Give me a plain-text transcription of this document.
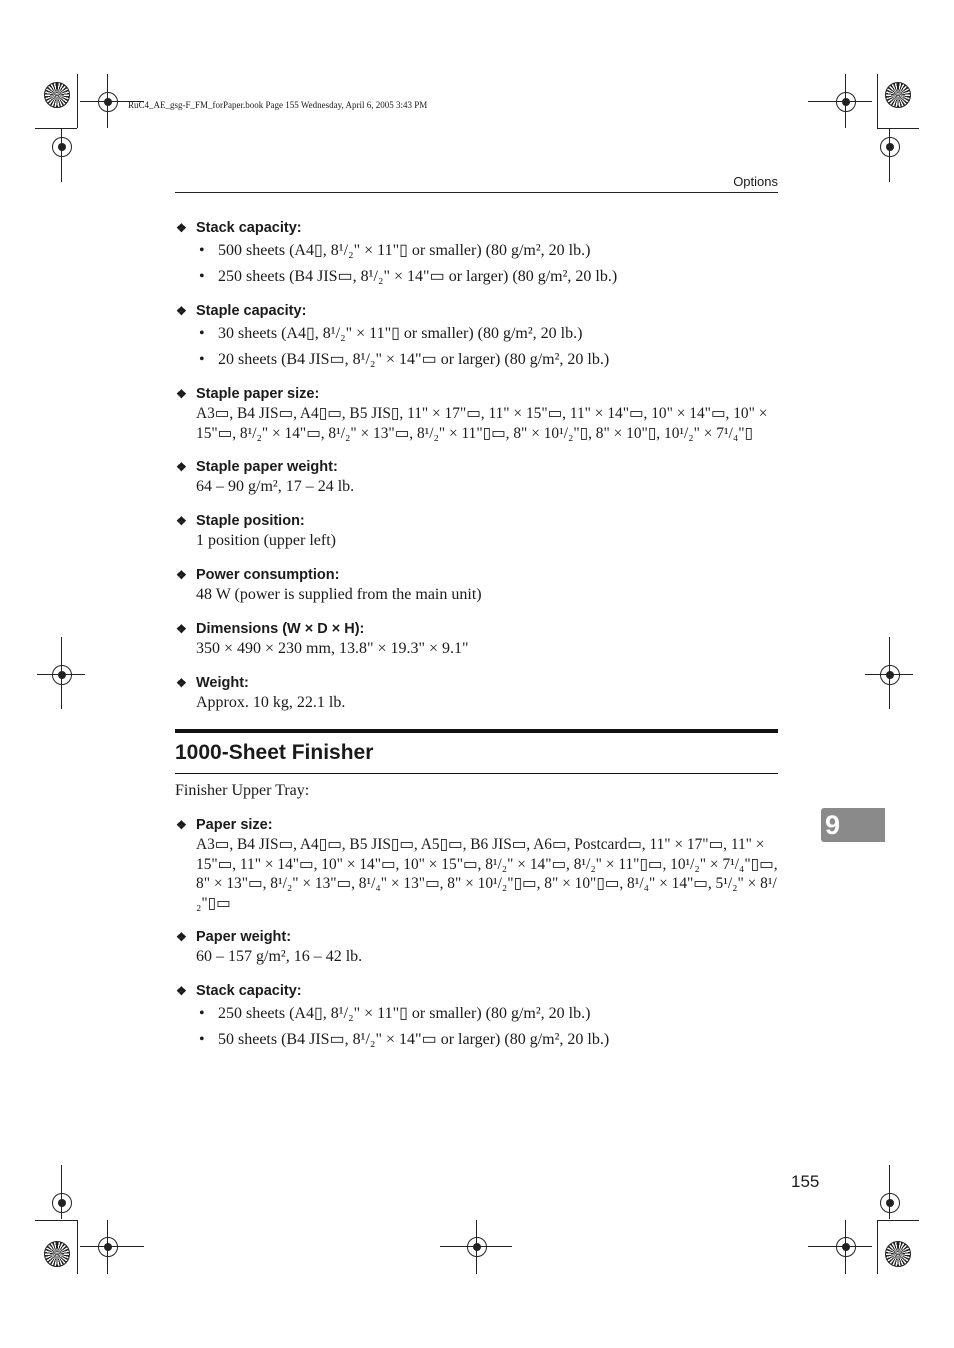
RuC4_AE_gsg-F_FM_forPaper.book Page 155 Wednesday, April 6, 2005 3:43 PM
Options
❖ Stack capacity:
• 500 sheets (A4▯, 8¹/₂" × 11"▯ or smaller) (80 g/m², 20 lb.)
• 250 sheets (B4 JIS▭, 8¹/₂" × 14"▭ or larger) (80 g/m², 20 lb.)
❖ Staple capacity:
• 30 sheets (A4▯, 8¹/₂" × 11"▯ or smaller) (80 g/m², 20 lb.)
• 20 sheets (B4 JIS▭, 8¹/₂" × 14"▭ or larger) (80 g/m², 20 lb.)
❖ Staple paper size:
A3▭, B4 JIS▭, A4▯▭, B5 JIS▯, 11" × 17"▭, 11" × 15"▭, 11" × 14"▭, 10" × 14"▭, 10" × 15"▭, 8¹/₂" × 14"▭, 8¹/₂" × 13"▭, 8¹/₂" × 11"▯▭, 8" × 10¹/₂"▯, 8" × 10"▯, 10¹/₂" × 7¹/₄"▯
❖ Staple paper weight:
64 – 90 g/m², 17 – 24 lb.
❖ Staple position:
1 position (upper left)
❖ Power consumption:
48 W (power is supplied from the main unit)
❖ Dimensions (W × D × H):
350 × 490 × 230 mm, 13.8" × 19.3" × 9.1"
❖ Weight:
Approx. 10 kg, 22.1 lb.
1000-Sheet Finisher
Finisher Upper Tray:
❖ Paper size:
A3▭, B4 JIS▭, A4▯▭, B5 JIS▯▭, A5▯▭, B6 JIS▭, A6▭, Postcard▭, 11" × 17"▭, 11" × 15"▭, 11" × 14"▭, 10" × 14"▭, 10" × 15"▭, 8¹/₂" × 14"▭, 8¹/₂" × 11"▯▭, 10¹/₂" × 7¹/₄"▯▭, 8" × 13"▭, 8¹/₂" × 13"▭, 8¹/₄" × 13"▭, 8" × 10¹/₂"▯▭, 8" × 10"▯▭, 8¹/₄" × 14"▭, 5¹/₂" × 8¹/₂"▯▭
❖ Paper weight:
60 – 157 g/m², 16 – 42 lb.
❖ Stack capacity:
• 250 sheets (A4▯, 8¹/₂" × 11"▯ or smaller) (80 g/m², 20 lb.)
• 50 sheets (B4 JIS▭, 8¹/₂" × 14"▭ or larger) (80 g/m², 20 lb.)
9
155
